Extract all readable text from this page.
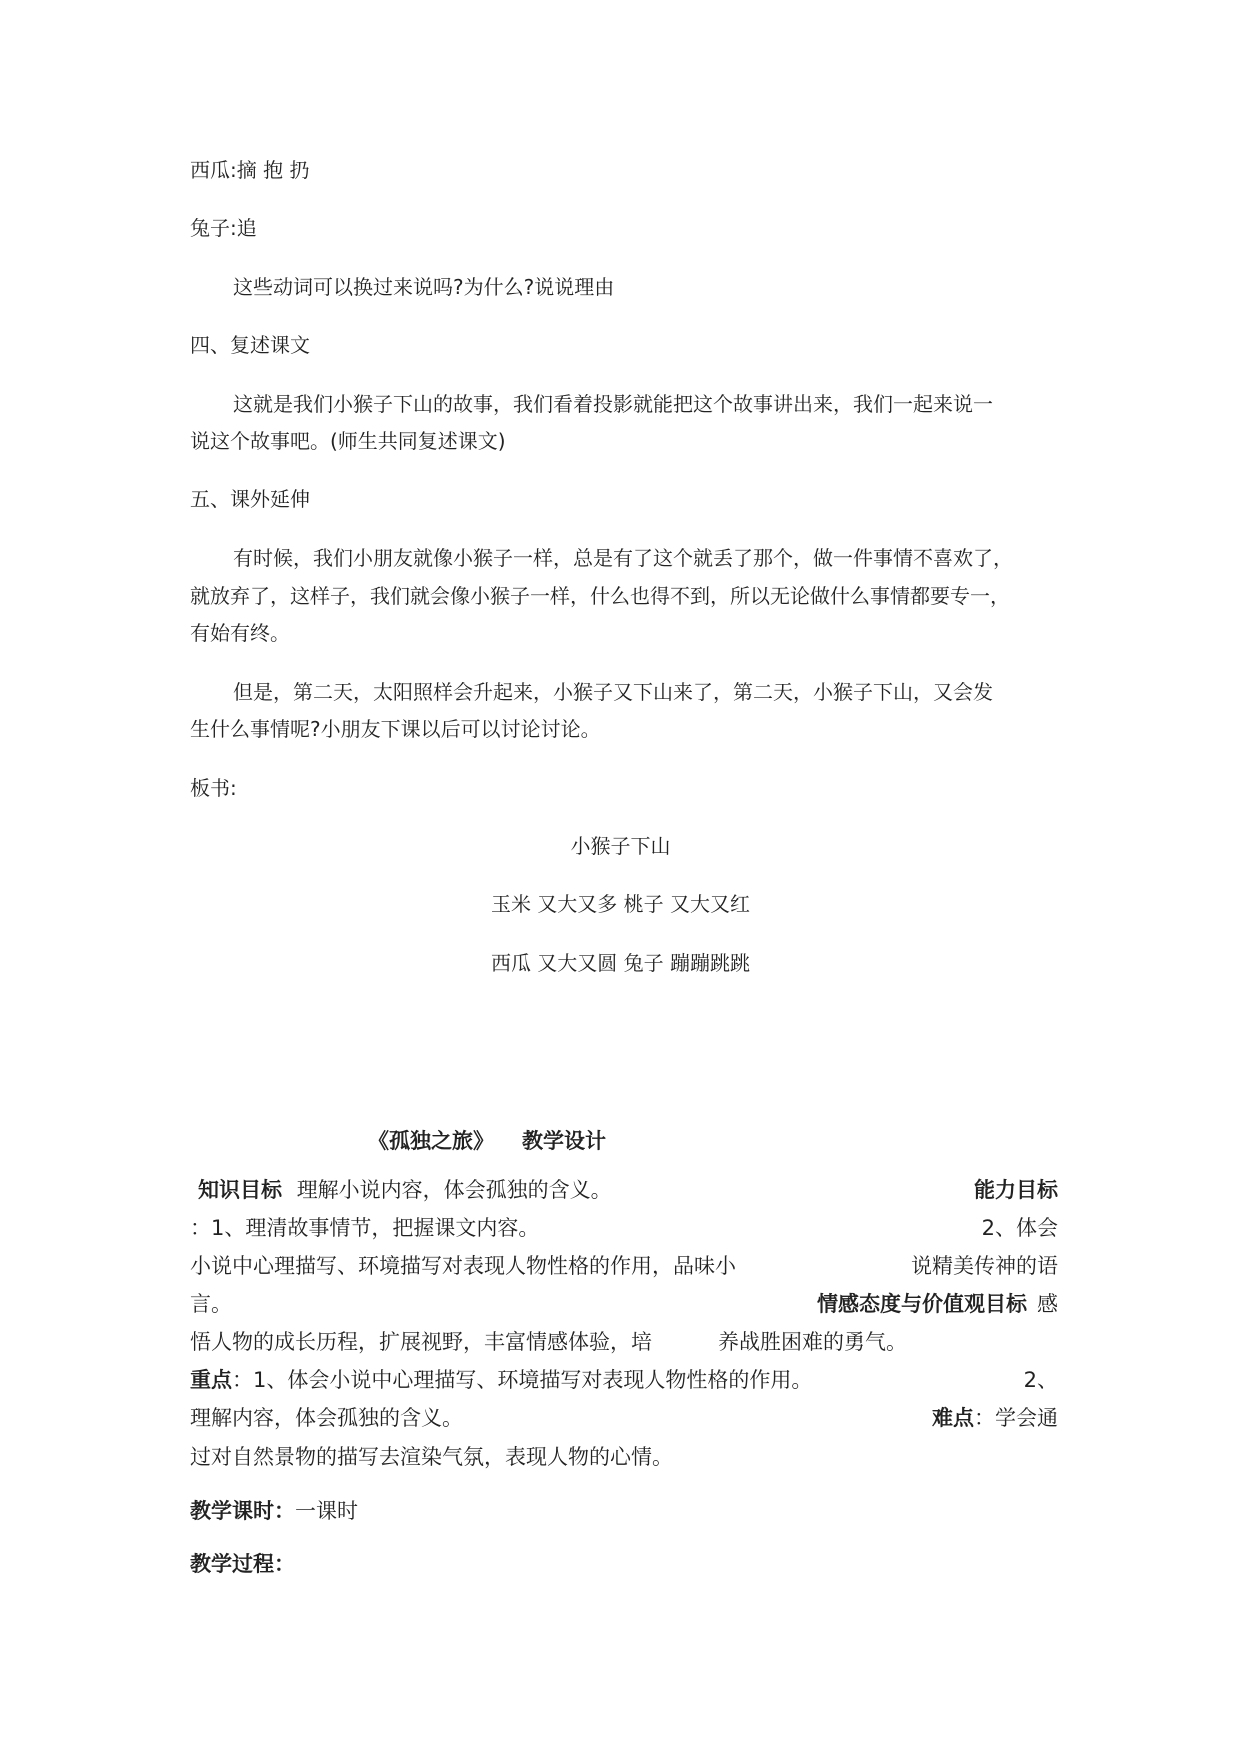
西瓜:摘 抱 扔
兔子:追
这些动词可以换过来说吗?为什么?说说理由
四、复述课文
这就是我们小猴子下山的故事，我们看着投影就能把这个故事讲出来，我们一起来说一
说这个故事吧。(师生共同复述课文)
五、课外延伸
有时候，我们小朋友就像小猴子一样，总是有了这个就丢了那个，做一件事情不喜欢了，
就放弃了，这样子，我们就会像小猴子一样，什么也得不到，所以无论做什么事情都要专一，
有始有终。
但是，第二天，太阳照样会升起来，小猴子又下山来了，第二天，小猴子下山，又会发
生什么事情呢?小朋友下课以后可以讨论讨论。
板书:
小猴子下山
玉米 又大又多 桃子 又大又红
西瓜 又大又圆 兔子 蹦蹦跳跳
《孤独之旅》 教学设计
知识目标 理解小说内容，体会孤独的含义。	能力目标
：1、理清故事情节，把握课文内容。	2、体会
小说中心理描写、环境描写对表现人物性格的作用，品味小	说精美传神的语
言。	情感态度与价值观目标 感
悟人物的成长历程，扩展视野，丰富情感体验，培	养战胜困难的勇气。
重点：1、体会小说中心理描写、环境描写对表现人物性格的作用。	2、
理解内容，体会孤独的含义。	难点：学会通
过对自然景物的描写去渲染气氛，表现人物的心情。
教学课时：一课时
教学过程：
